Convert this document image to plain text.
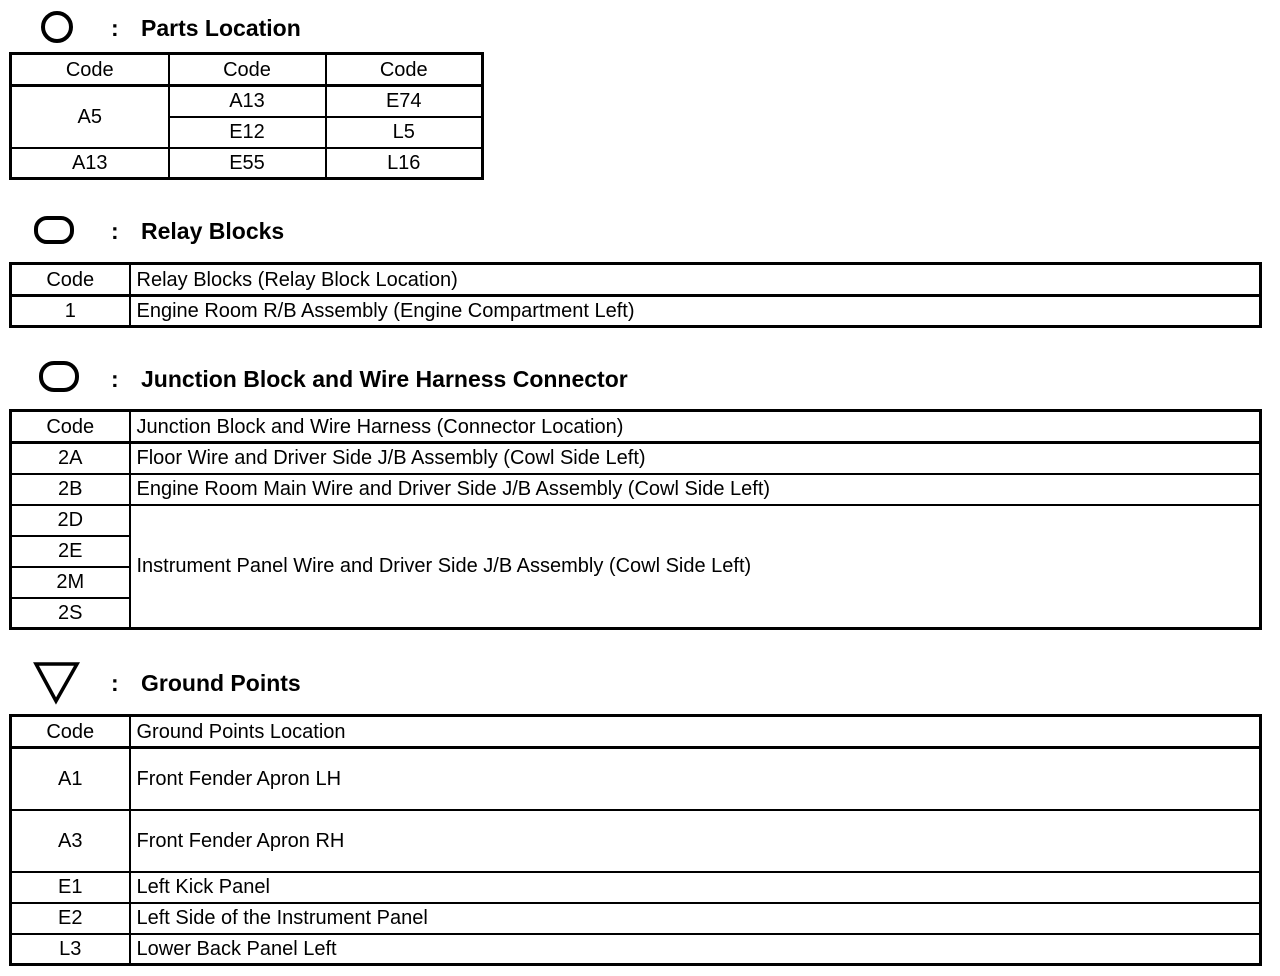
: Parts Location
Code	Code	Code
A5	A13	E74
	E12	L5
A13	E55	L16
: Relay Blocks
Code	Relay Blocks (Relay Block Location)
1	Engine Room R/B Assembly (Engine Compartment Left)
: Junction Block and Wire Harness Connector
Code	Junction Block and Wire Harness (Connector Location)
2A	Floor Wire and Driver Side J/B Assembly (Cowl Side Left)
2B	Engine Room Main Wire and Driver Side J/B Assembly (Cowl Side Left)
2D	Instrument Panel Wire and Driver Side J/B Assembly (Cowl Side Left)
2E	
2M	
2S	
: Ground Points
Code	Ground Points Location
A1	Front Fender Apron LH
A3	Front Fender Apron RH
E1	Left Kick Panel
E2	Left Side of the Instrument Panel
L3	Lower Back Panel Left
